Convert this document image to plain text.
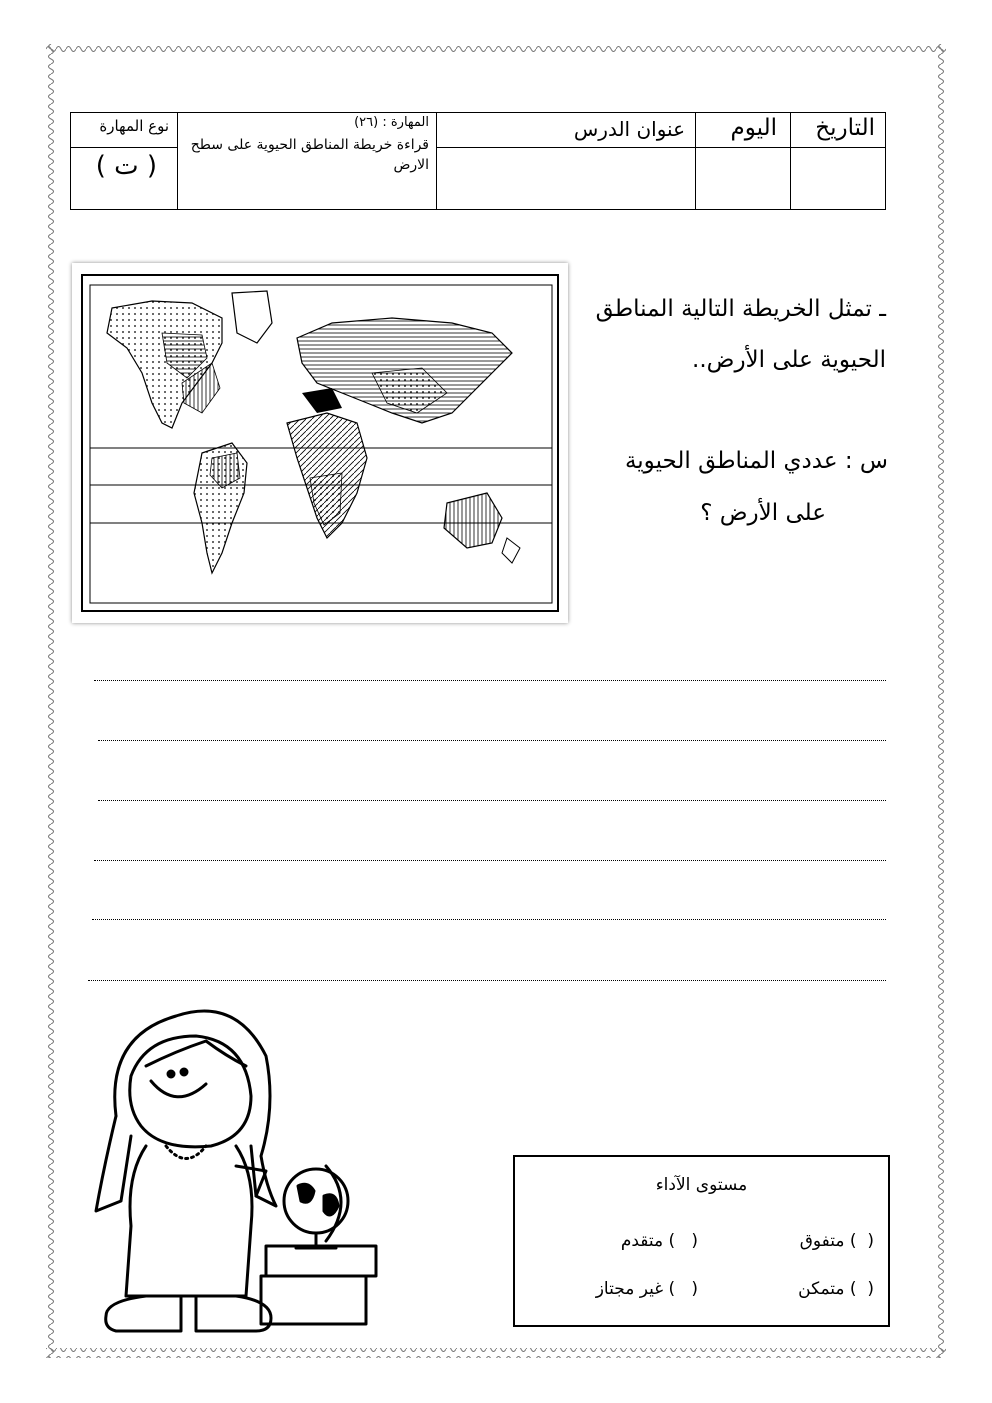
التاريخ
اليوم
عنوان الدرس
المهارة : (٢٦)
قراءة خريطة المناطق الحيوية على سطح الارض
نوع المهارة
( ت )
ـ تمثل الخريطة التالية المناطق
الحيوية على الأرض..
س : عددي المناطق الحيوية
على الأرض ؟
مستوى الآداء
(  ) متفوق
(   ) متقدم
(  ) متمكن
(   ) غير مجتاز
